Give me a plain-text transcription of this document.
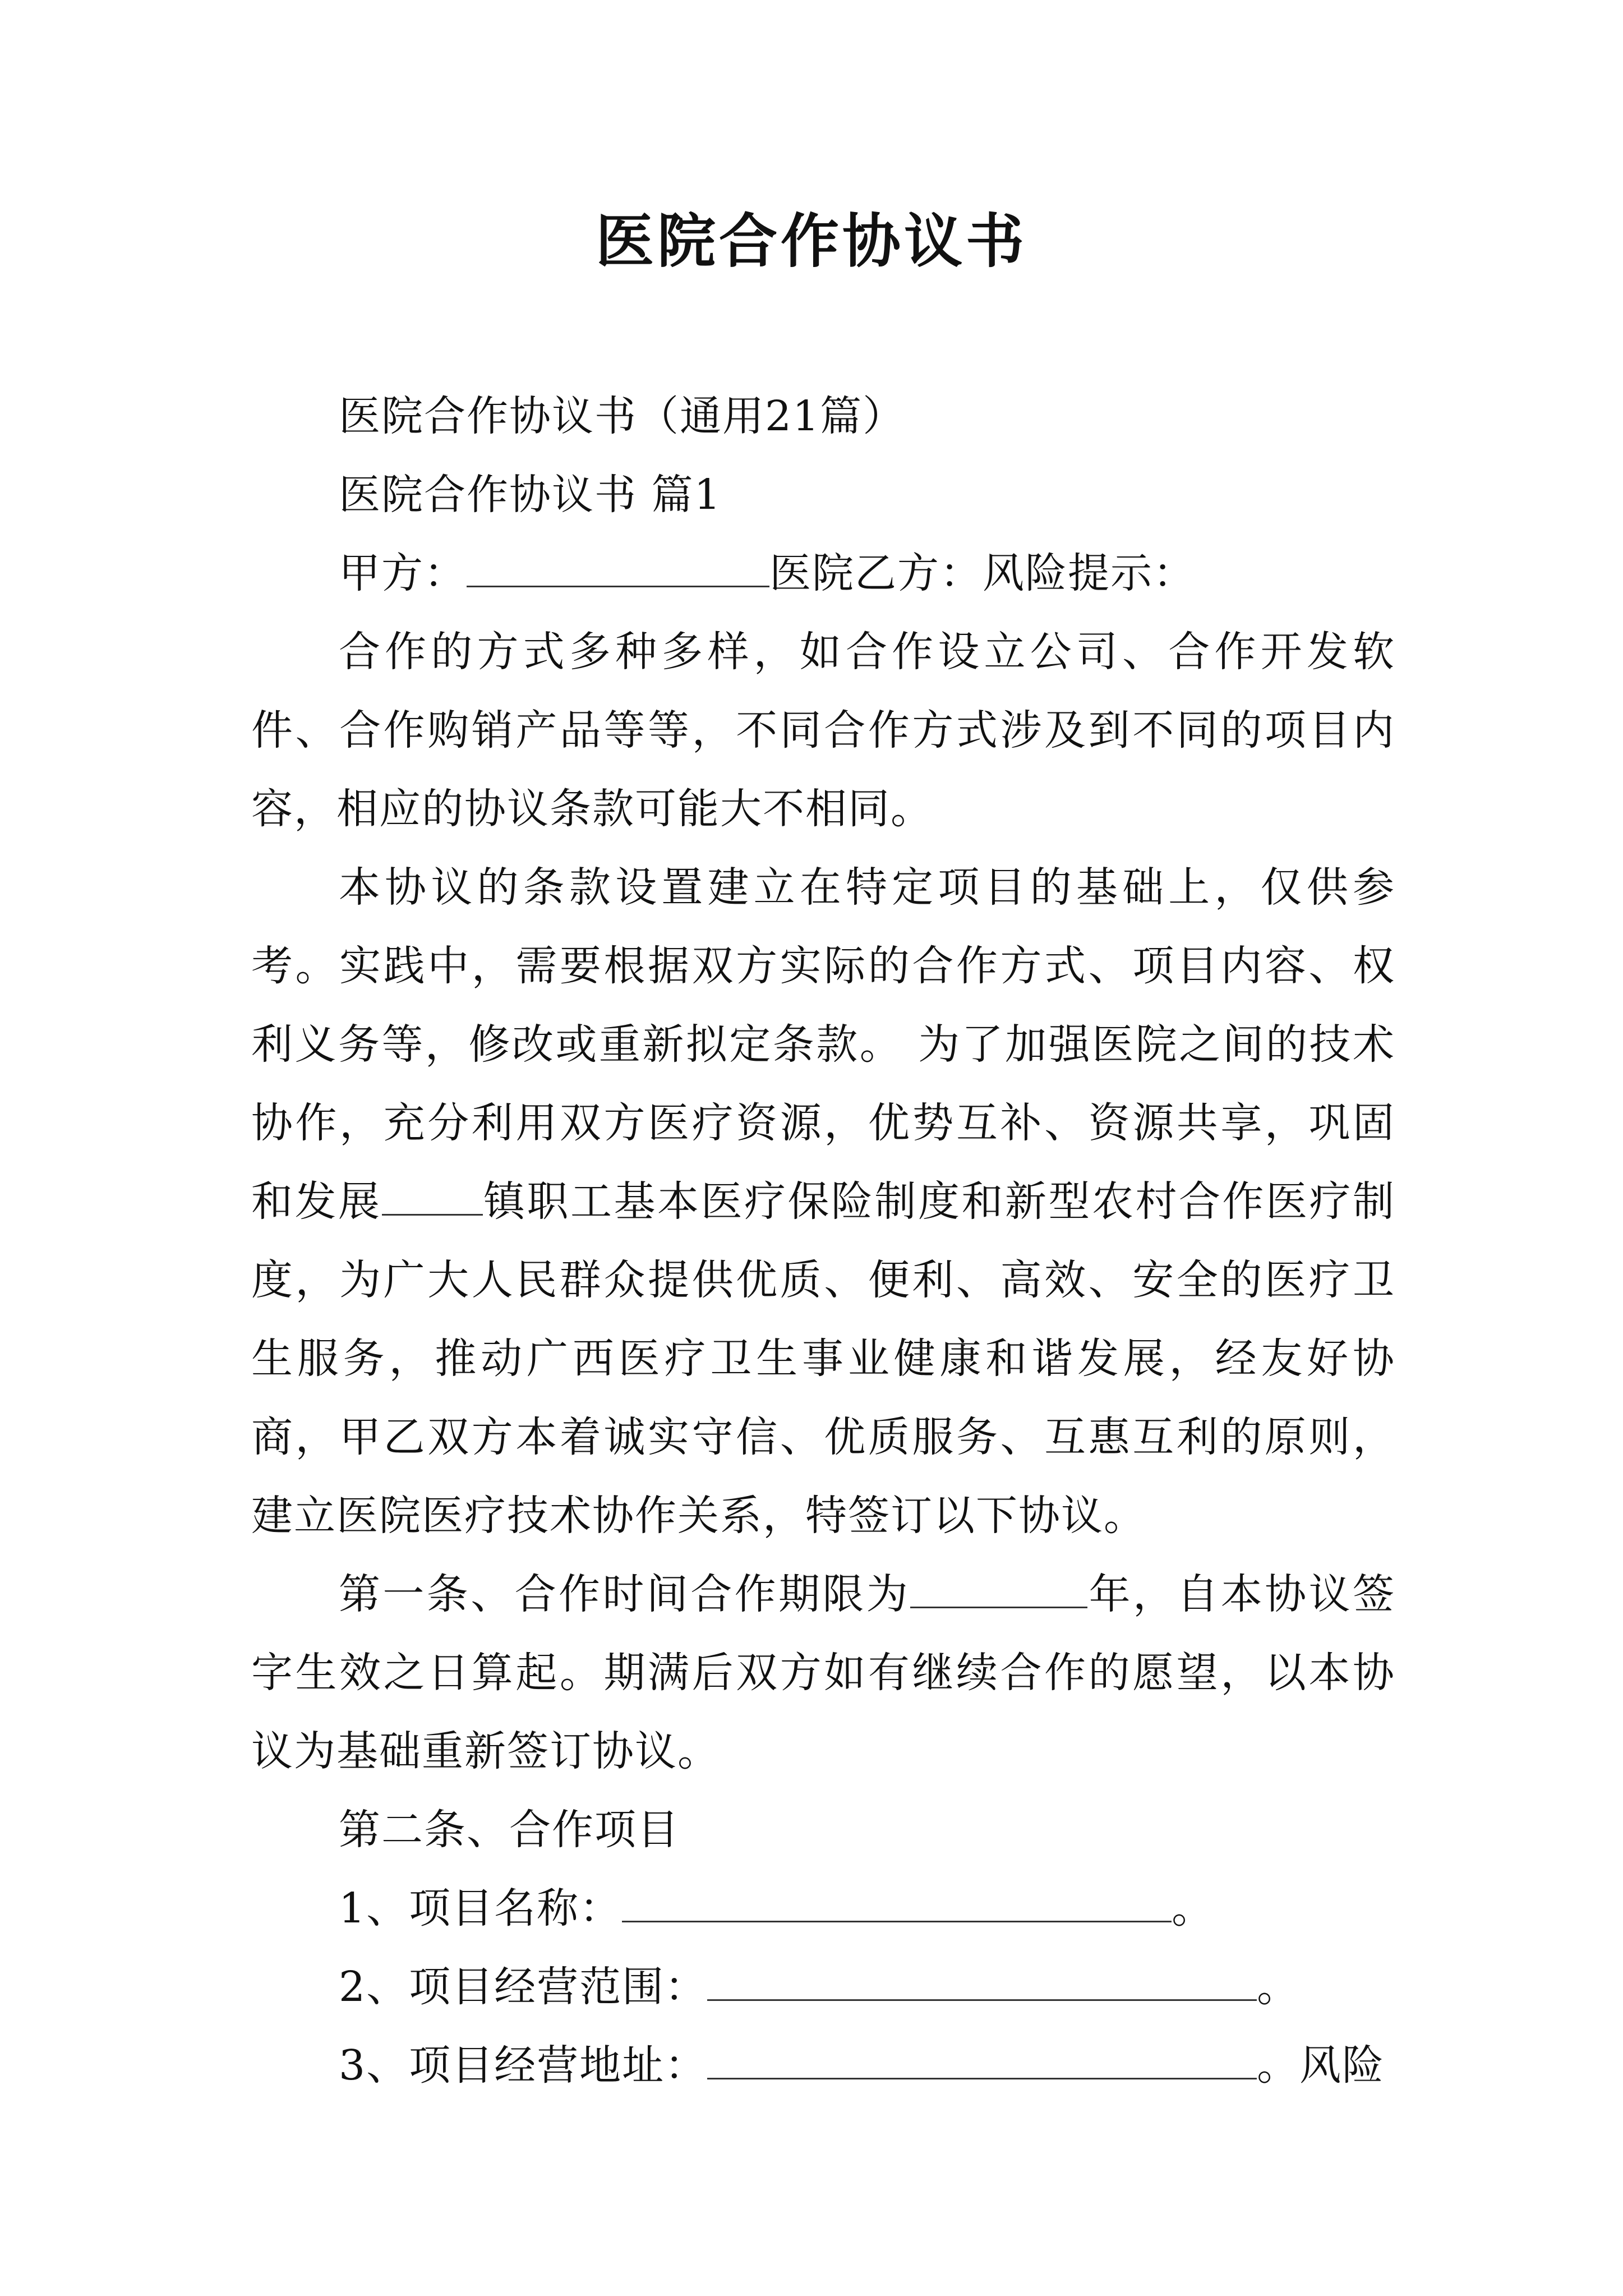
医院合作协议书

医院合作协议书（通用21篇）

医院合作协议书 篇1

甲方：	医院乙方：风险提示：

合作的方式多种多样，如合作设立公司、合作开发软件、合作购销产品等等，不同合作方式涉及到不同的项目内容，相应的协议条款可能大不相同。

本协议的条款设置建立在特定项目的基础上，仅供参考。实践中，需要根据双方实际的合作方式、项目内容、权利义务等，修改或重新拟定条款。 为了加强医院之间的技术协作，充分利用双方医疗资源，优势互补、资源共享，巩固和发展 镇职工基本医疗保险制度和新型农村合作医疗制度，为广大人民群众提供优质、便利、高效、安全的医疗卫生服务，推动广西医疗卫生事业健康和谐发展，经友好协商，甲乙双方本着诚实守信、优质服务、互惠互利的原则，建立医院医疗技术协作关系，特签订以下协议。

第一条、合作时间合作期限为	年，自本协议签字生效之日算起。期满后双方如有继续合作的愿望，以本协议为基础重新签订协议。

第二条、合作项目

1、项目名称：	。

2、项目经营范围：	。

3、项目经营地址：	。风险
